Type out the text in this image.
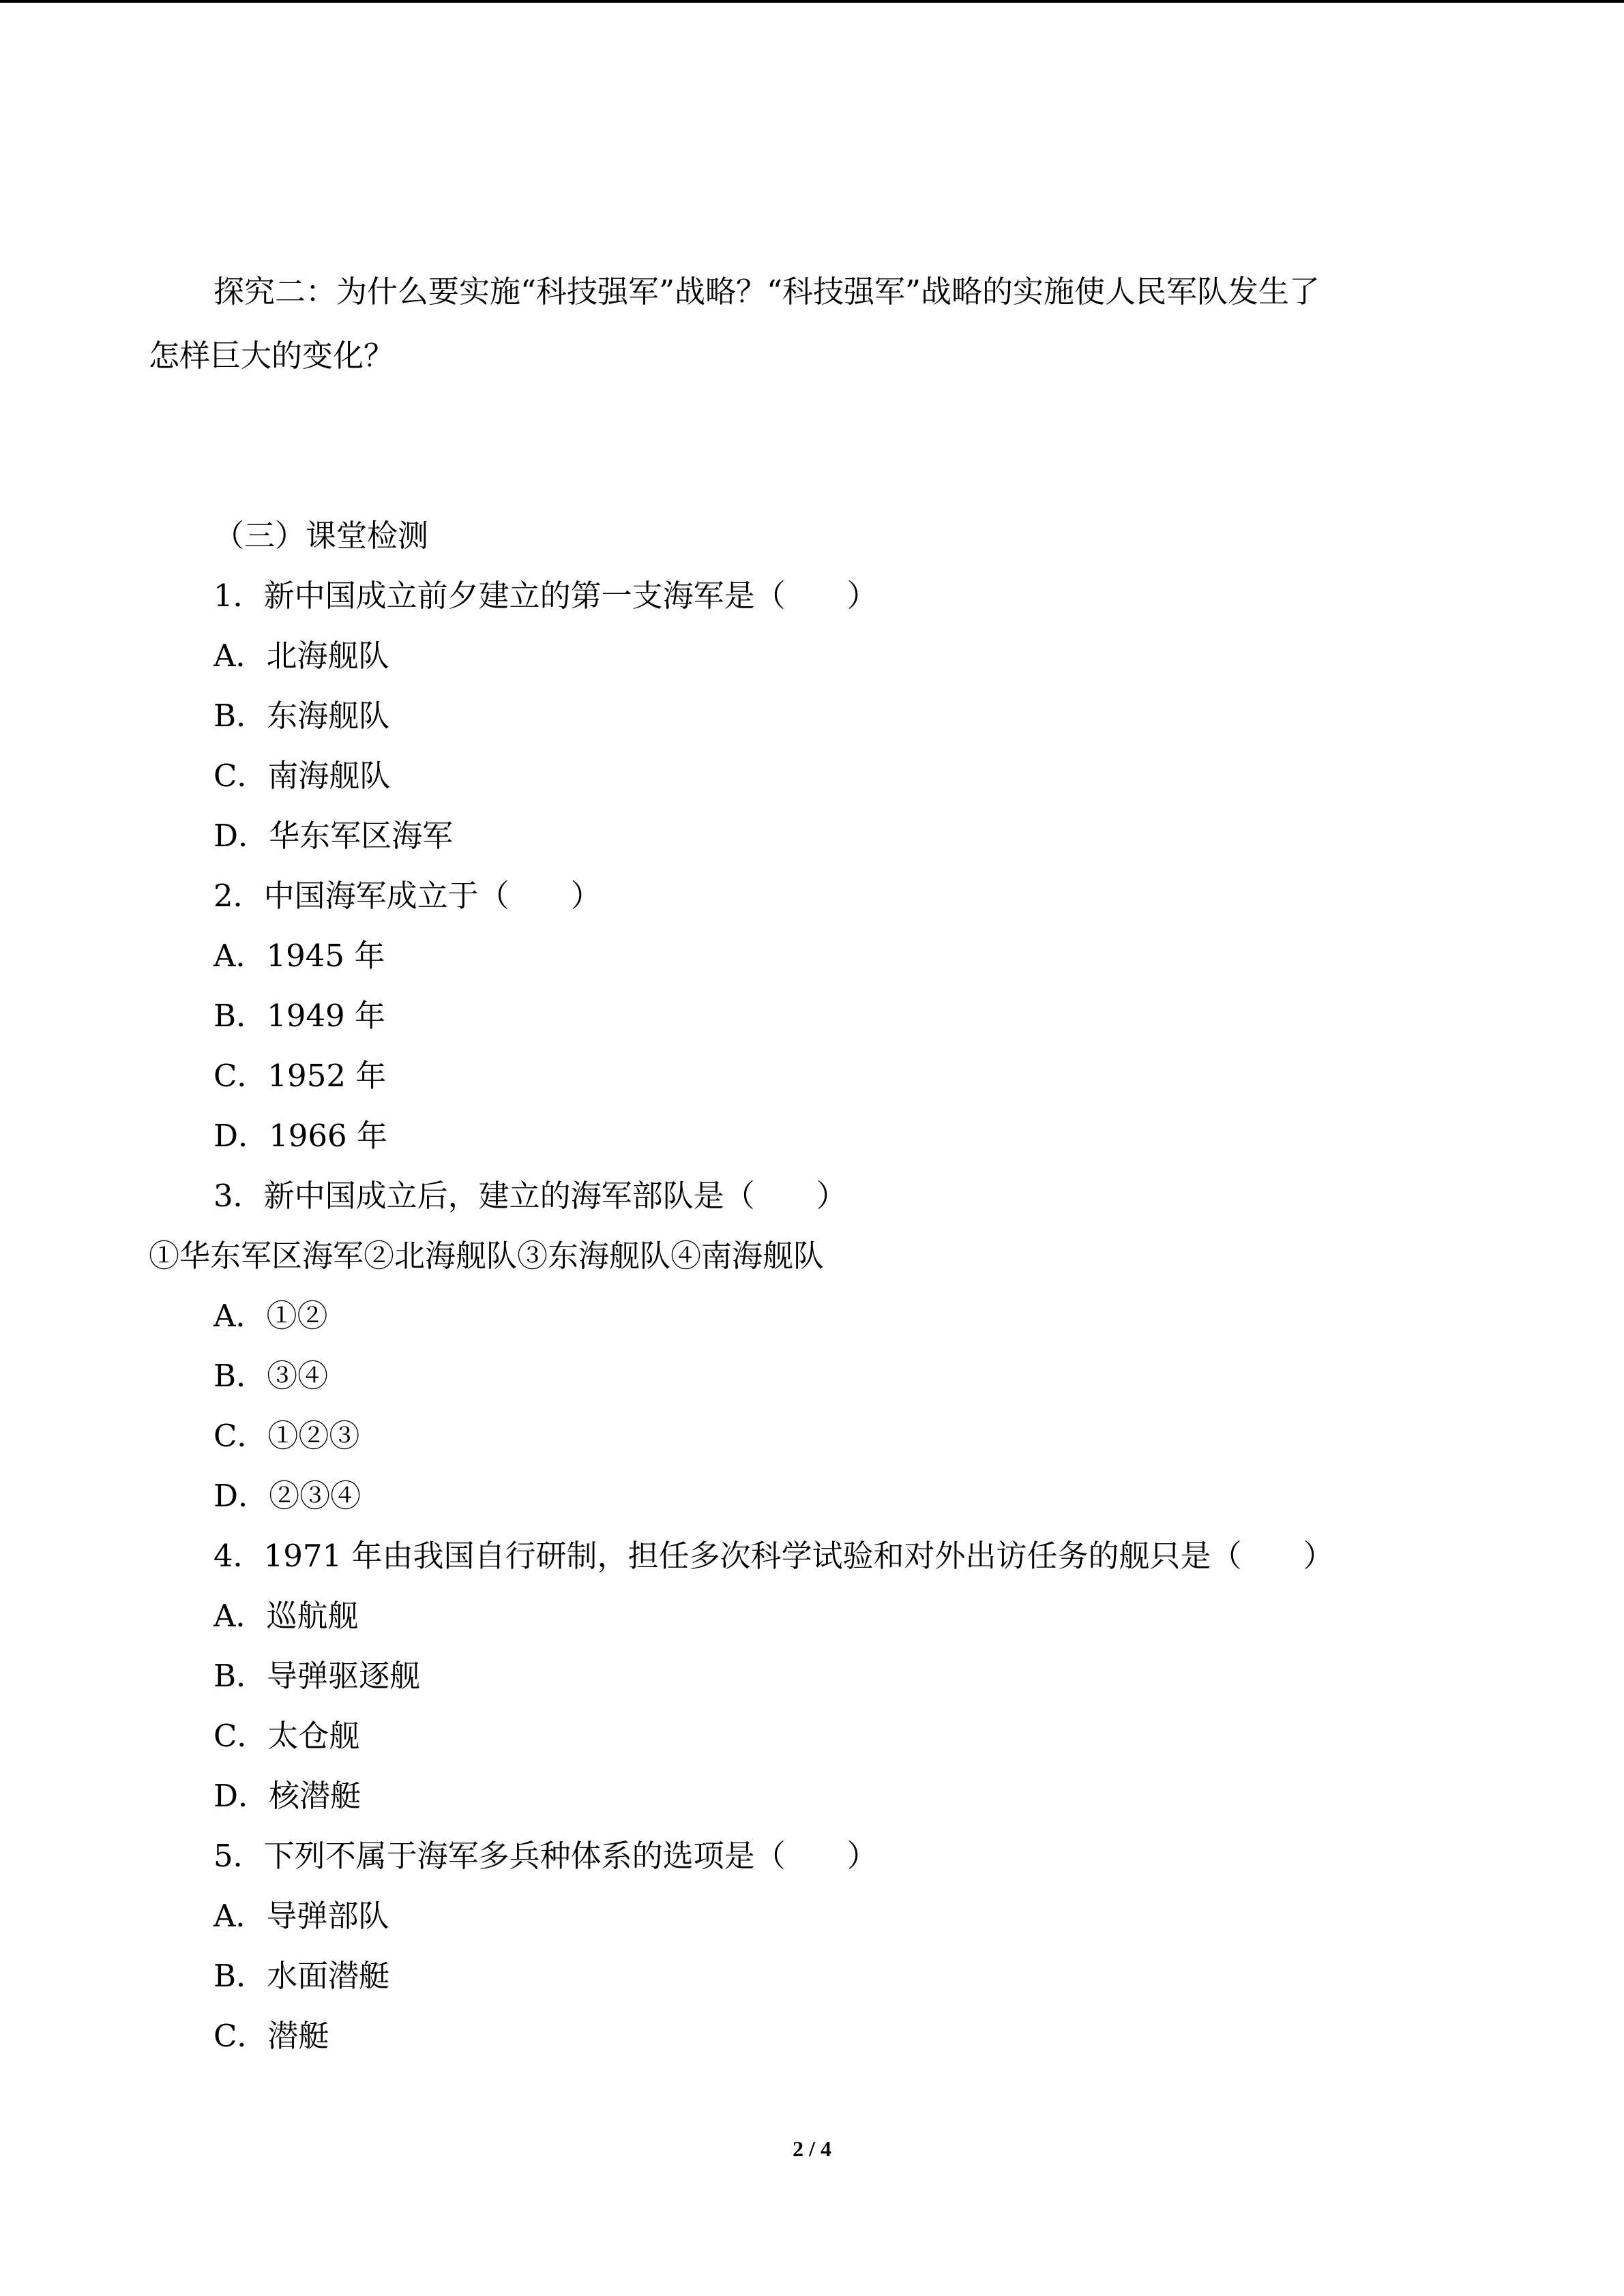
探究二：为什么要实施“科技强军”战略？“科技强军”战略的实施使人民军队发生了
怎样巨大的变化？
（三）课堂检测
1．新中国成立前夕建立的第一支海军是（　　）
A．北海舰队
B．东海舰队
C．南海舰队
D．华东军区海军
2．中国海军成立于（　　）
A．1945 年
B．1949 年
C．1952 年
D．1966 年
3．新中国成立后，建立的海军部队是（　　）
①华东军区海军②北海舰队③东海舰队④南海舰队
A．①②
B．③④
C．①②③
D．②③④
4．1971 年由我国自行研制，担任多次科学试验和对外出访任务的舰只是（　　）
A．巡航舰
B．导弹驱逐舰
C．太仓舰
D．核潜艇
5．下列不属于海军多兵种体系的选项是（　　）
A．导弹部队
B．水面潜艇
C．潜艇
2 / 4
